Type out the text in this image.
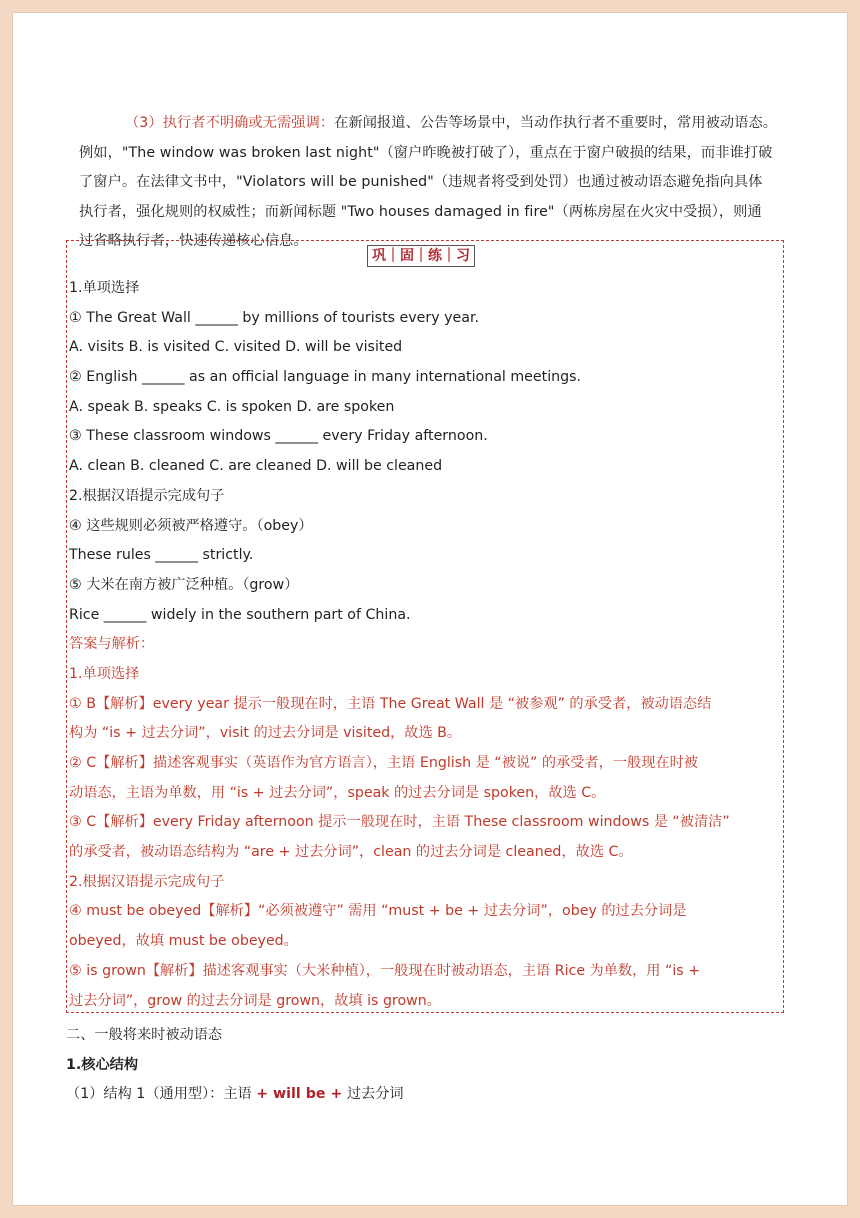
（3）执行者不明确或无需强调：在新闻报道、公告等场景中，当动作执行者不重要时，常用被动语态。
例如，"The window was broken last night"（窗户昨晚被打破了），重点在于窗户破损的结果，而非谁打破
了窗户。在法律文书中，"Violators will be punished"（违规者将受到处罚）也通过被动语态避免指向具体
执行者，强化规则的权威性；而新闻标题 "Two houses damaged in fire"（两栋房屋在火灾中受损），则通
过省略执行者，快速传递核心信息。
巩｜固｜练｜习
1.单项选择
① The Great Wall ______ by millions of tourists every year.
A. visits B. is visited C. visited D. will be visited
② English ______ as an official language in many international meetings.
A. speak B. speaks C. is spoken D. are spoken
③ These classroom windows ______ every Friday afternoon.
A. clean B. cleaned C. are cleaned D. will be cleaned
2.根据汉语提示完成句子
④ 这些规则必须被严格遵守。（obey）
These rules ______ strictly.
⑤ 大米在南方被广泛种植。（grow）
Rice ______ widely in the southern part of China.
答案与解析：
1.单项选择
① B【解析】every year 提示一般现在时，主语 The Great Wall 是 “被参观” 的承受者，被动语态结
构为 “is + 过去分词”，visit 的过去分词是 visited，故选 B。
② C【解析】描述客观事实（英语作为官方语言），主语 English 是 “被说” 的承受者，一般现在时被
动语态，主语为单数，用 “is + 过去分词”，speak 的过去分词是 spoken，故选 C。
③ C【解析】every Friday afternoon 提示一般现在时，主语 These classroom windows 是 “被清洁”
的承受者，被动语态结构为 “are + 过去分词”，clean 的过去分词是 cleaned，故选 C。
2.根据汉语提示完成句子
④ must be obeyed【解析】“必须被遵守” 需用 “must + be + 过去分词”，obey 的过去分词是
obeyed，故填 must be obeyed。
⑤ is grown【解析】描述客观事实（大米种植），一般现在时被动语态，主语 Rice 为单数，用 “is +
过去分词”，grow 的过去分词是 grown，故填 is grown。
二、一般将来时被动语态
1.核心结构
（1）结构 1（通用型）：主语 + will be + 过去分词
